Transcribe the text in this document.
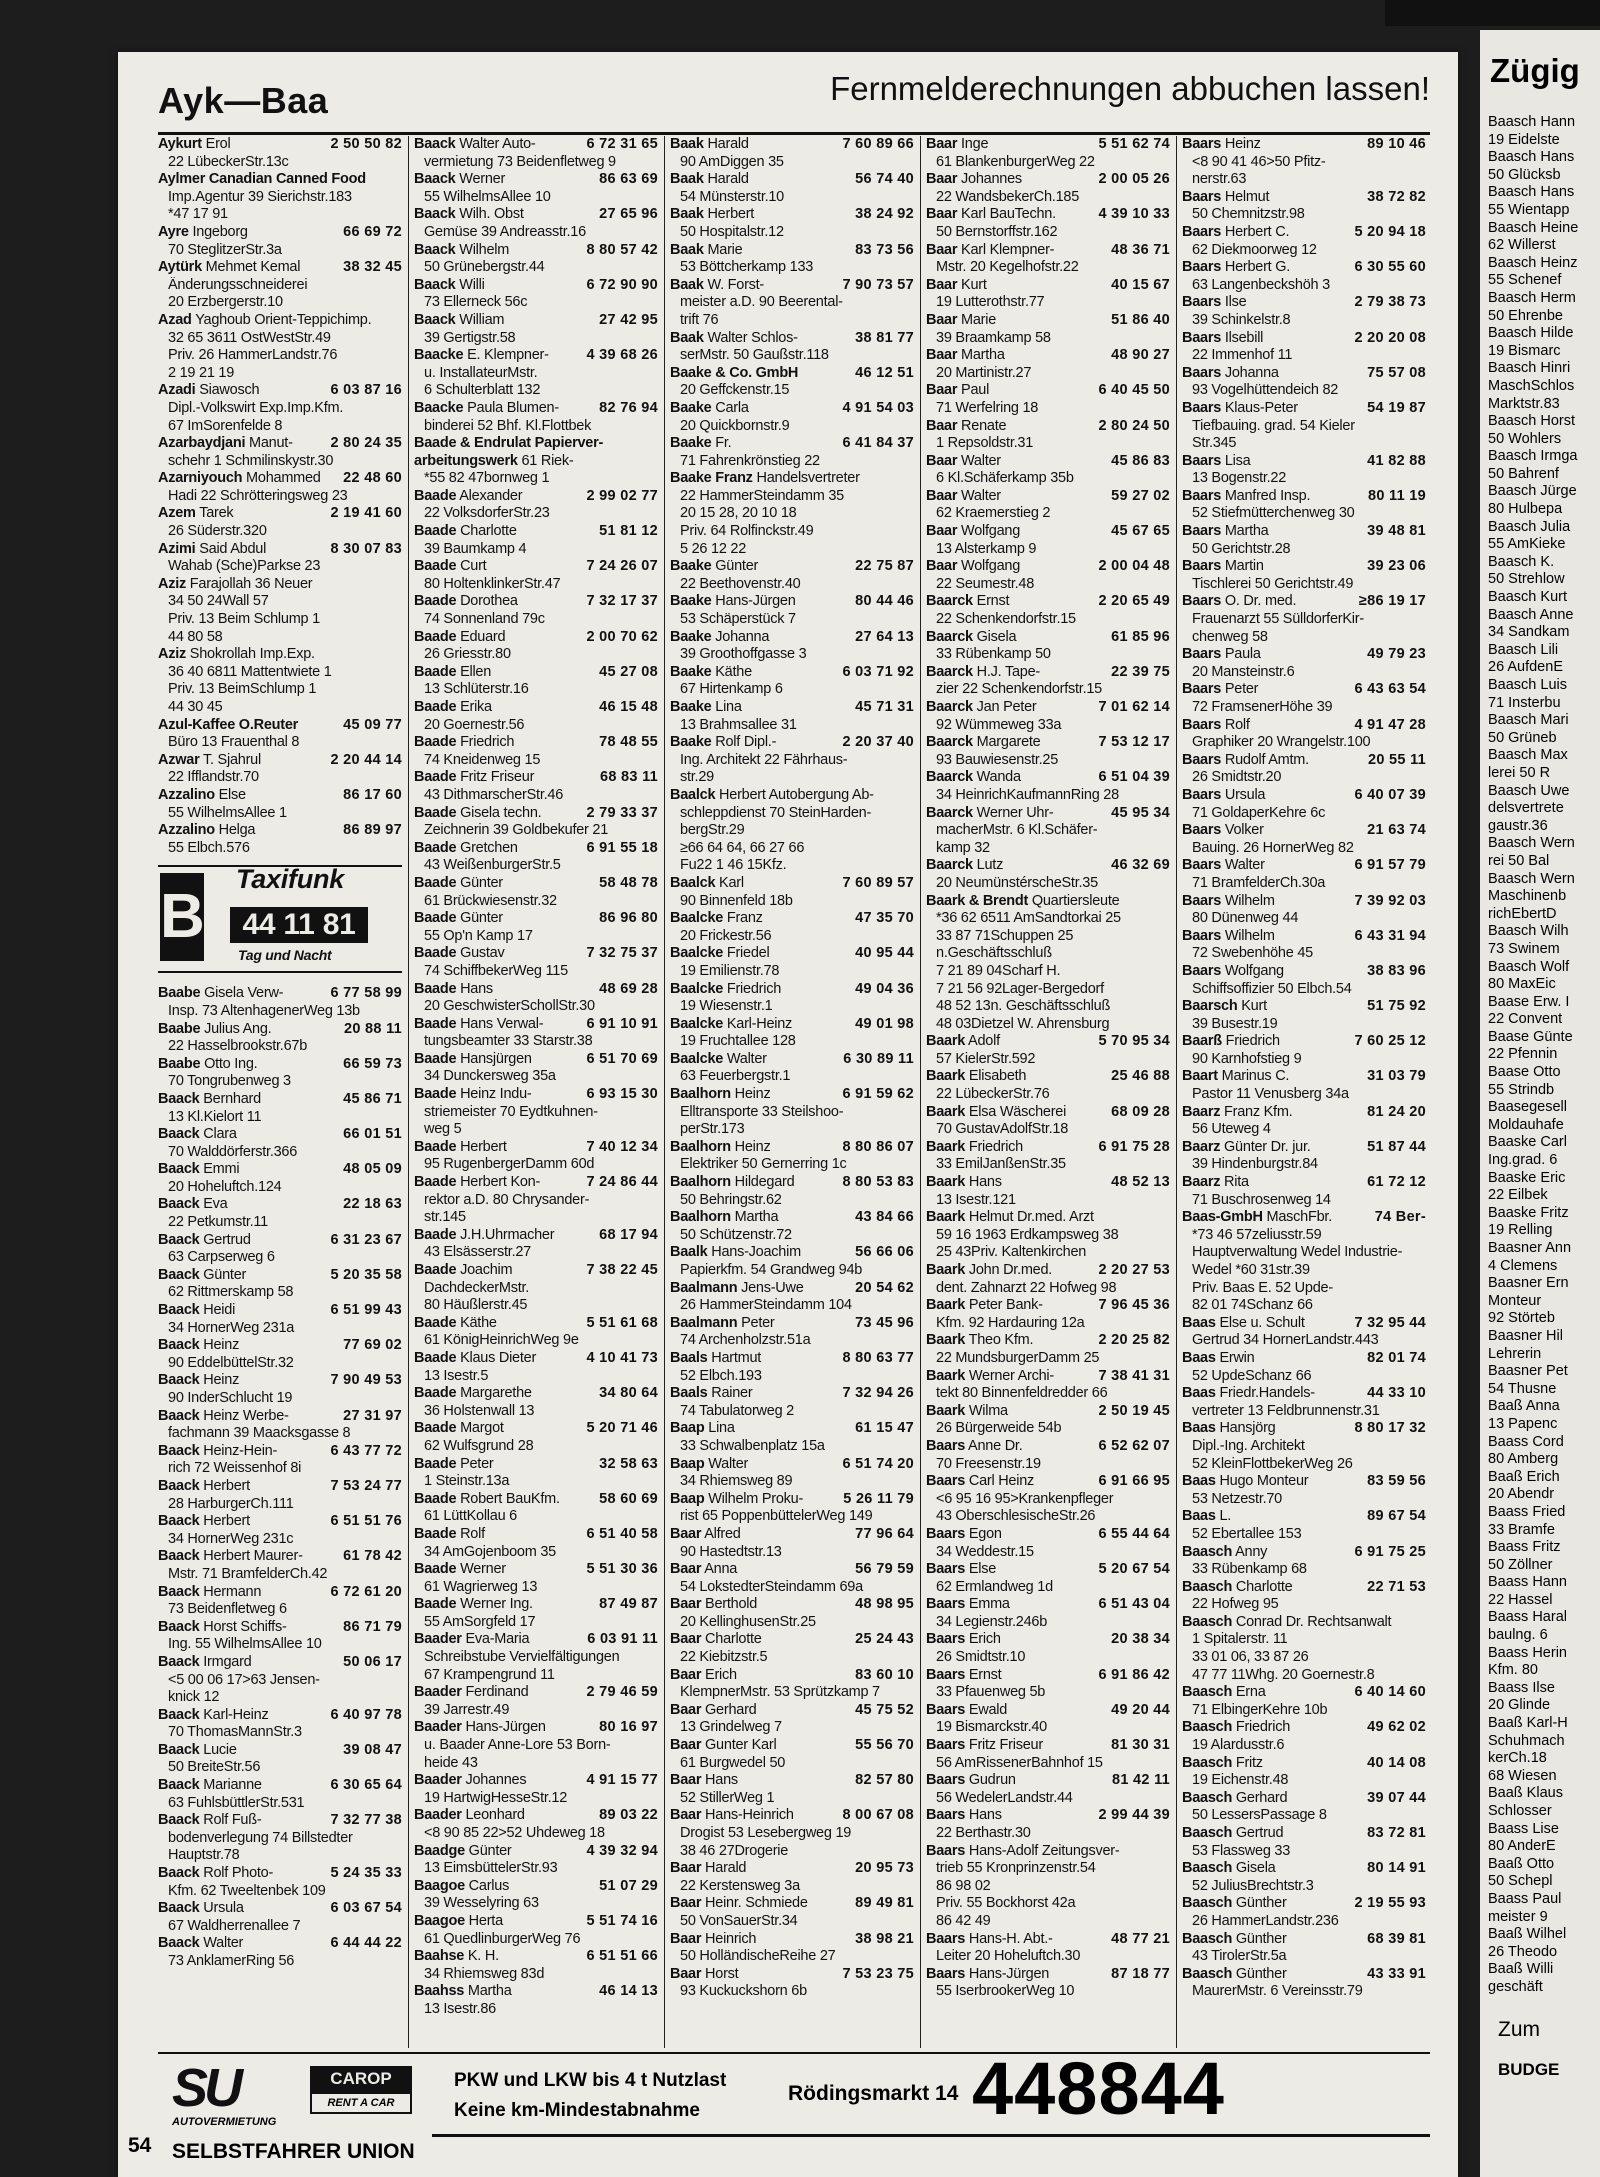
Ayk—Baa	Fernmelderechnungen abbuchen lassen!
2 50 50 82
Aykurt Erol
22 LübeckerStr.13c
Aylmer Canadian Canned Food
Imp.Agentur 39 Sierichstr.183
*47 17 91
66 69 72
Ayre Ingeborg
70 SteglitzerStr.3a
38 32 45
Aytürk Mehmet Kemal
Änderungsschneiderei
20 Erzbergerstr.10
Azad Yaghoub Orient-Teppichimp.
32 65 3611 OstWestStr.49
Priv. 26 HammerLandstr.76
2 19 21 19
6 03 87 16
Azadi Siawosch
Dipl.-Volkswirt Exp.Imp.Kfm.
67 ImSorenfelde 8
2 80 24 35
Azarbaydjani Manut-
schehr 1 Schmilinskystr.30
22 48 60
Azarniyouch Mohammed
Hadi 22 Schrötteringsweg 23
2 19 41 60
Azem Tarek
26 Süderstr.320
8 30 07 83
Azimi Said Abdul
Wahab (Sche)Parkse 23
Aziz Farajollah 36 Neuer
34 50 24Wall 57
Priv. 13 Beim Schlump 1
44 80 58
Aziz Shokrollah Imp.Exp.
36 40 6811 Mattentwiete 1
Priv. 13 BeimSchlump 1
44 30 45
45 09 77
Azul-Kaffee O.Reuter
Büro 13 Frauenthal 8
2 20 44 14
Azwar T. Sjahrul
22 Ifflandstr.70
86 17 60
Azzalino Else
55 WilhelmsAllee 1
86 89 97
Azzalino Helga
55 Elbch.576
B
Taxifunk
44 11 81
Tag und Nacht
6 77 58 99
Baabe Gisela Verw-
Insp. 73 AltenhagenerWeg 13b
20 88 11
Baabe Julius Ang.
22 Hasselbrookstr.67b
66 59 73
Baabe Otto Ing.
70 Tongrubenweg 3
45 86 71
Baack Bernhard
13 Kl.Kielort 11
66 01 51
Baack Clara
70 Walddörferstr.366
48 05 09
Baack Emmi
20 Hoheluftch.124
22 18 63
Baack Eva
22 Petkumstr.11
6 31 23 67
Baack Gertrud
63 Carpserweg 6
5 20 35 58
Baack Günter
62 Rittmerskamp 58
6 51 99 43
Baack Heidi
34 HornerWeg 231a
77 69 02
Baack Heinz
90 EddelbüttelStr.32
7 90 49 53
Baack Heinz
90 InderSchlucht 19
27 31 97
Baack Heinz Werbe-
fachmann 39 Maacksgasse 8
6 43 77 72
Baack Heinz-Hein-
rich 72 Weissenhof 8i
7 53 24 77
Baack Herbert
28 HarburgerCh.111
6 51 51 76
Baack Herbert
34 HornerWeg 231c
61 78 42
Baack Herbert Maurer-
Mstr. 71 BramfelderCh.42
6 72 61 20
Baack Hermann
73 Beidenfletweg 6
86 71 79
Baack Horst Schiffs-
Ing. 55 WilhelmsAllee 10
50 06 17
Baack Irmgard
<5 00 06 17>63 Jensen-
knick 12
6 40 97 78
Baack Karl-Heinz
70 ThomasMannStr.3
39 08 47
Baack Lucie
50 BreiteStr.56
6 30 65 64
Baack Marianne
63 FuhlsbüttlerStr.531
7 32 77 38
Baack Rolf Fuß-
bodenverlegung 74 Billstedter
Hauptstr.78
5 24 35 33
Baack Rolf Photo-
Kfm. 62 Tweeltenbek 109
6 03 67 54
Baack Ursula
67 Waldherrenallee 7
6 44 44 22
Baack Walter
73 AnklamerRing 56
6 72 31 65
Baack Walter Auto-
vermietung 73 Beidenfletweg 9
86 63 69
Baack Werner
55 WilhelmsAllee 10
27 65 96
Baack Wilh. Obst
Gemüse 39 Andreasstr.16
8 80 57 42
Baack Wilhelm
50 Grünebergstr.44
6 72 90 90
Baack Willi
73 Ellerneck 56c
27 42 95
Baack William
39 Gertigstr.58
4 39 68 26
Baacke E. Klempner-
u. InstallateurMstr.
6 Schulterblatt 132
82 76 94
Baacke Paula Blumen-
binderei 52 Bhf. Kl.Flottbek
Baade & Endrulat Papierver-
arbeitungswerk 61 Riek-
*55 82 47bornweg 1
2 99 02 77
Baade Alexander
22 VolksdorferStr.23
51 81 12
Baade Charlotte
39 Baumkamp 4
7 24 26 07
Baade Curt
80 HoltenklinkerStr.47
7 32 17 37
Baade Dorothea
74 Sonnenland 79c
2 00 70 62
Baade Eduard
26 Griesstr.80
45 27 08
Baade Ellen
13 Schlüterstr.16
46 15 48
Baade Erika
20 Goernestr.56
78 48 55
Baade Friedrich
74 Kneidenweg 15
68 83 11
Baade Fritz Friseur
43 DithmarscherStr.46
2 79 33 37
Baade Gisela techn.
Zeichnerin 39 Goldbekufer 21
6 91 55 18
Baade Gretchen
43 WeißenburgerStr.5
58 48 78
Baade Günter
61 Brückwiesenstr.32
86 96 80
Baade Günter
55 Op'n Kamp 17
7 32 75 37
Baade Gustav
74 SchiffbekerWeg 115
48 69 28
Baade Hans
20 GeschwisterSchollStr.30
6 91 10 91
Baade Hans Verwal-
tungsbeamter 33 Starstr.38
6 51 70 69
Baade Hansjürgen
34 Dunckersweg 35a
6 93 15 30
Baade Heinz Indu-
striemeister 70 Eydtkuhnen-
weg 5
7 40 12 34
Baade Herbert
95 RugenbergerDamm 60d
7 24 86 44
Baade Herbert Kon-
rektor a.D. 80 Chrysander-
str.145
68 17 94
Baade J.H.Uhrmacher
43 Elsässerstr.27
7 38 22 45
Baade Joachim
DachdeckerMstr.
80 Häußlerstr.45
5 51 61 68
Baade Käthe
61 KönigHeinrichWeg 9e
4 10 41 73
Baade Klaus Dieter
13 Isestr.5
34 80 64
Baade Margarethe
36 Holstenwall 13
5 20 71 46
Baade Margot
62 Wulfsgrund 28
32 58 63
Baade Peter
1 Steinstr.13a
58 60 69
Baade Robert BauKfm.
61 LüttKollau 6
6 51 40 58
Baade Rolf
34 AmGojenboom 35
5 51 30 36
Baade Werner
61 Wagrierweg 13
87 49 87
Baade Werner Ing.
55 AmSorgfeld 17
6 03 91 11
Baader Eva-Maria
Schreibstube Vervielfältigungen
67 Krampengrund 11
2 79 46 59
Baader Ferdinand
39 Jarrestr.49
80 16 97
Baader Hans-Jürgen
u. Baader Anne-Lore 53 Born-
heide 43
4 91 15 77
Baader Johannes
19 HartwigHesseStr.12
89 03 22
Baader Leonhard
<8 90 85 22>52 Uhdeweg 18
4 39 32 94
Baadge Günter
13 EimsbüttelerStr.93
51 07 29
Baagoe Carlus
39 Wesselyring 63
5 51 74 16
Baagoe Herta
61 QuedlinburgerWeg 76
6 51 51 66
Baahse K. H.
34 Rhiemsweg 83d
46 14 13
Baahss Martha
13 Isestr.86
7 60 89 66
Baak Harald
90 AmDiggen 35
56 74 40
Baak Harald
54 Münsterstr.10
38 24 92
Baak Herbert
50 Hospitalstr.12
83 73 56
Baak Marie
53 Böttcherkamp 133
7 90 73 57
Baak W. Forst-
meister a.D. 90 Beerental-
trift 76
38 81 77
Baak Walter Schlos-
serMstr. 50 Gaußstr.118
46 12 51
Baake & Co. GmbH
20 Geffckenstr.15
4 91 54 03
Baake Carla
20 Quickbornstr.9
6 41 84 37
Baake Fr.
71 Fahrenkrönstieg 22
Baake Franz Handelsvertreter
22 HammerSteindamm 35
20 15 28, 20 10 18
Priv. 64 Rolfinckstr.49
5 26 12 22
22 75 87
Baake Günter
22 Beethovenstr.40
80 44 46
Baake Hans-Jürgen
53 Schäperstück 7
27 64 13
Baake Johanna
39 Groothoffgasse 3
6 03 71 92
Baake Käthe
67 Hirtenkamp 6
45 71 31
Baake Lina
13 Brahmsallee 31
2 20 37 40
Baake Rolf Dipl.-
Ing. Architekt 22 Fährhaus-
str.29
Baalck Herbert Autobergung Ab-
schleppdienst 70 SteinHarden-
bergStr.29
≥66 64 64, 66 27 66
Fu22 1 46 15Kfz.
7 60 89 57
Baalck Karl
90 Binnenfeld 18b
47 35 70
Baalcke Franz
20 Frickestr.56
40 95 44
Baalcke Friedel
19 Emilienstr.78
49 04 36
Baalcke Friedrich
19 Wiesenstr.1
49 01 98
Baalcke Karl-Heinz
19 Fruchtallee 128
6 30 89 11
Baalcke Walter
63 Feuerbergstr.1
6 91 59 62
Baalhorn Heinz
Elltransporte 33 Steilshoo-
perStr.173
8 80 86 07
Baalhorn Heinz
Elektriker 50 Gernerring 1c
8 80 53 83
Baalhorn Hildegard
50 Behringstr.62
43 84 66
Baalhorn Martha
50 Schützenstr.72
56 66 06
Baalk Hans-Joachim
Papierkfm. 54 Grandweg 94b
20 54 62
Baalmann Jens-Uwe
26 HammerSteindamm 104
73 45 96
Baalmann Peter
74 Archenholzstr.51a
8 80 63 77
Baals Hartmut
52 Elbch.193
7 32 94 26
Baals Rainer
74 Tabulatorweg 2
61 15 47
Baap Lina
33 Schwalbenplatz 15a
6 51 74 20
Baap Walter
34 Rhiemsweg 89
5 26 11 79
Baap Wilhelm Proku-
rist 65 PoppenbüttelerWeg 149
77 96 64
Baar Alfred
90 Hastedtstr.13
56 79 59
Baar Anna
54 LokstedterSteindamm 69a
48 98 95
Baar Berthold
20 KellinghusenStr.25
25 24 43
Baar Charlotte
22 Kiebitzstr.5
83 60 10
Baar Erich
KlempnerMstr. 53 Sprützkamp 7
45 75 52
Baar Gerhard
13 Grindelweg 7
55 56 70
Baar Gunter Karl
61 Burgwedel 50
82 57 80
Baar Hans
52 StillerWeg 1
8 00 67 08
Baar Hans-Heinrich
Drogist 53 Lesebergweg 19
38 46 27Drogerie
20 95 73
Baar Harald
22 Kerstensweg 3a
89 49 81
Baar Heinr. Schmiede
50 VonSauerStr.34
38 98 21
Baar Heinrich
50 HolländischeReihe 27
7 53 23 75
Baar Horst
93 Kuckuckshorn 6b
5 51 62 74
Baar Inge
61 BlankenburgerWeg 22
2 00 05 26
Baar Johannes
22 WandsbekerCh.185
4 39 10 33
Baar Karl BauTechn.
50 Bernstorffstr.162
48 36 71
Baar Karl Klempner-
Mstr. 20 Kegelhofstr.22
40 15 67
Baar Kurt
19 Lutterothstr.77
51 86 40
Baar Marie
39 Braamkamp 58
48 90 27
Baar Martha
20 Martinistr.27
6 40 45 50
Baar Paul
71 Werfelring 18
2 80 24 50
Baar Renate
1 Repsoldstr.31
45 86 83
Baar Walter
6 Kl.Schäferkamp 35b
59 27 02
Baar Walter
62 Kraemerstieg 2
45 67 65
Baar Wolfgang
13 Alsterkamp 9
2 00 04 48
Baar Wolfgang
22 Seumestr.48
2 20 65 49
Baarck Ernst
22 Schenkendorfstr.15
61 85 96
Baarck Gisela
33 Rübenkamp 50
22 39 75
Baarck H.J. Tape-
zier 22 Schenkendorfstr.15
7 01 62 14
Baarck Jan Peter
92 Wümmeweg 33a
7 53 12 17
Baarck Margarete
93 Bauwiesenstr.25
6 51 04 39
Baarck Wanda
34 HeinrichKaufmannRing 28
45 95 34
Baarck Werner Uhr-
macherMstr. 6 Kl.Schäfer-
kamp 32
46 32 69
Baarck Lutz
20 NeumünstérscheStr.35
Baark & Brendt Quartiersleute
*36 62 6511 AmSandtorkai 25
33 87 71Schuppen 25
n.Geschäftsschluß
7 21 89 04Scharf H.
7 21 56 92Lager-Bergedorf
48 52 13n. Geschäftsschluß
48 03Dietzel W. Ahrensburg
5 70 95 34
Baark Adolf
57 KielerStr.592
25 46 88
Baark Elisabeth
22 LübeckerStr.76
68 09 28
Baark Elsa Wäscherei
70 GustavAdolfStr.18
6 91 75 28
Baark Friedrich
33 EmilJanßenStr.35
48 52 13
Baark Hans
13 Isestr.121
Baark Helmut Dr.med. Arzt
59 16 1963 Erdkampsweg 38
25 43Priv. Kaltenkirchen
2 20 27 53
Baark John Dr.med.
dent. Zahnarzt 22 Hofweg 98
7 96 45 36
Baark Peter Bank-
Kfm. 92 Hardauring 12a
2 20 25 82
Baark Theo Kfm.
22 MundsburgerDamm 25
7 38 41 31
Baark Werner Archi-
tekt 80 Binnenfeldredder 66
2 50 19 45
Baark Wilma
26 Bürgerweide 54b
6 52 62 07
Baars Anne Dr.
70 Freesenstr.19
6 91 66 95
Baars Carl Heinz
<6 95 16 95>Krankenpfleger
43 OberschlesischeStr.26
6 55 44 64
Baars Egon
34 Weddestr.15
5 20 67 54
Baars Else
62 Ermlandweg 1d
6 51 43 04
Baars Emma
34 Legienstr.246b
20 38 34
Baars Erich
26 Smidtstr.10
6 91 86 42
Baars Ernst
33 Pfauenweg 5b
49 20 44
Baars Ewald
19 Bismarckstr.40
81 30 31
Baars Fritz Friseur
56 AmRissenerBahnhof 15
81 42 11
Baars Gudrun
56 WedelerLandstr.44
2 99 44 39
Baars Hans
22 Berthastr.30
Baars Hans-Adolf Zeitungsver-
trieb 55 Kronprinzenstr.54
86 98 02
Priv. 55 Bockhorst 42a
86 42 49
48 77 21
Baars Hans-H. Abt.-
Leiter 20 Hoheluftch.30
87 18 77
Baars Hans-Jürgen
55 IserbrookerWeg 10
89 10 46
Baars Heinz
<8 90 41 46>50 Pfitz-
nerstr.63
38 72 82
Baars Helmut
50 Chemnitzstr.98
5 20 94 18
Baars Herbert C.
62 Diekmoorweg 12
6 30 55 60
Baars Herbert G.
63 Langenbeckshöh 3
2 79 38 73
Baars Ilse
39 Schinkelstr.8
2 20 20 08
Baars Ilsebill
22 Immenhof 11
75 57 08
Baars Johanna
93 Vogelhüttendeich 82
54 19 87
Baars Klaus-Peter
Tiefbauing. grad. 54 Kieler
Str.345
41 82 88
Baars Lisa
13 Bogenstr.22
80 11 19
Baars Manfred Insp.
52 Stiefmütterchenweg 30
39 48 81
Baars Martha
50 Gerichtstr.28
39 23 06
Baars Martin
Tischlerei 50 Gerichtstr.49
≥86 19 17
Baars O. Dr. med.
Frauenarzt 55 SülldorferKir-
chenweg 58
49 79 23
Baars Paula
20 Mansteinstr.6
6 43 63 54
Baars Peter
72 FramsenerHöhe 39
4 91 47 28
Baars Rolf
Graphiker 20 Wrangelstr.100
20 55 11
Baars Rudolf Amtm.
26 Smidtstr.20
6 40 07 39
Baars Ursula
71 GoldaperKehre 6c
21 63 74
Baars Volker
Bauing. 26 HornerWeg 82
6 91 57 79
Baars Walter
71 BramfelderCh.30a
7 39 92 03
Baars Wilhelm
80 Dünenweg 44
6 43 31 94
Baars Wilhelm
72 Swebenhöhe 45
38 83 96
Baars Wolfgang
Schiffsoffizier 50 Elbch.54
51 75 92
Baarsch Kurt
39 Busestr.19
7 60 25 12
Baarß Friedrich
90 Karnhofstieg 9
31 03 79
Baart Marinus C.
Pastor 11 Venusberg 34a
81 24 20
Baarz Franz Kfm.
56 Uteweg 4
51 87 44
Baarz Günter Dr. jur.
39 Hindenburgstr.84
61 72 12
Baarz Rita
71 Buschrosenweg 14
74 Ber-
Baas-GmbH MaschFbr.
*73 46 57zeliusstr.59
Hauptverwaltung Wedel Industrie-
Wedel *60 31str.39
Priv. Baas E. 52 Upde-
82 01 74Schanz 66
7 32 95 44
Baas Else u. Schult
Gertrud 34 HornerLandstr.443
82 01 74
Baas Erwin
52 UpdeSchanz 66
44 33 10
Baas Friedr.Handels-
vertreter 13 Feldbrunnenstr.31
8 80 17 32
Baas Hansjörg
Dipl.-Ing. Architekt
52 KleinFlottbekerWeg 26
83 59 56
Baas Hugo Monteur
53 Netzestr.70
89 67 54
Baas L.
52 Ebertallee 153
6 91 75 25
Baasch Anny
33 Rübenkamp 68
22 71 53
Baasch Charlotte
22 Hofweg 95
Baasch Conrad Dr. Rechtsanwalt
1 Spitalerstr. 11
33 01 06, 33 87 26
47 77 11Whg. 20 Goernestr.8
6 40 14 60
Baasch Erna
71 ElbingerKehre 10b
49 62 02
Baasch Friedrich
19 Alardusstr.6
40 14 08
Baasch Fritz
19 Eichenstr.48
39 07 44
Baasch Gerhard
50 LessersPassage 8
83 72 81
Baasch Gertrud
53 Flassweg 33
80 14 91
Baasch Gisela
52 JuliusBrechtstr.3
2 19 55 93
Baasch Günther
26 HammerLandstr.236
68 39 81
Baasch Günther
43 TirolerStr.5a
43 33 91
Baasch Günther
MaurerMstr. 6 Vereinsstr.79
SU
AUTOVERMIETUNG
CAROP
RENT A CAR
PKW und LKW bis 4 t Nutzlast
Keine km-Mindestabnahme
Rödingsmarkt 14 448844
SELBSTFAHRER UNION
54
Zügig
Baasch Hann
19 Eidelste
Baasch Hans
50 Glücksb
Baasch Hans
55 Wientapp
Baasch Heine
62 Willerst
Baasch Heinz
55 Schenef
Baasch Herm
50 Ehrenbe
Baasch Hilde
19 Bismarc
Baasch Hinri
MaschSchlos
Marktstr.83
Baasch Horst
50 Wohlers
Baasch Irmga
50 Bahrenf
Baasch Jürge
80 Hulbepa
Baasch Julia
55 AmKieke
Baasch K.
50 Strehlow
Baasch Kurt
Baasch Anne
34 Sandkam
Baasch Lili
26 AufdenE
Baasch Luis
71 Insterbu
Baasch Mari
50 Grüneb
Baasch Max
lerei 50 R
Baasch Uwe
delsvertrete
gaustr.36
Baasch Wern
rei 50 Bal
Baasch Wern
Maschinenb
richEbertD
Baasch Wilh
73 Swinem
Baasch Wolf
80 MaxEic
Baase Erw. I
22 Convent
Baase Günte
22 Pfennin
Baase Otto
55 Strindb
Baasegesell
Moldauhafe
Baaske Carl
Ing.grad. 6
Baaske Eric
22 Eilbek
Baaske Fritz
19 Relling
Baasner Ann
4 Clemens
Baasner Ern
Monteur
92 Störteb
Baasner Hil
Lehrerin
Baasner Pet
54 Thusne
Baaß Anna
13 Papenc
Baass Cord
80 Amberg
Baaß Erich
20 Abendr
Baass Fried
33 Bramfe
Baass Fritz
50 Zöllner
Baass Hann
22 Hassel
Baass Haral
baulng. 6
Baass Herin
Kfm. 80
Baass Ilse
20 Glinde
Baaß Karl-H
Schuhmach
kerCh.18
68 Wiesen
Baaß Klaus
Schlosser
Baass Lise
80 AnderE
Baaß Otto
50 Schepl
Baass Paul
meister 9
Baaß Wilhel
26 Theodo
Baaß Willi
geschäft
Zum
BUDGE
